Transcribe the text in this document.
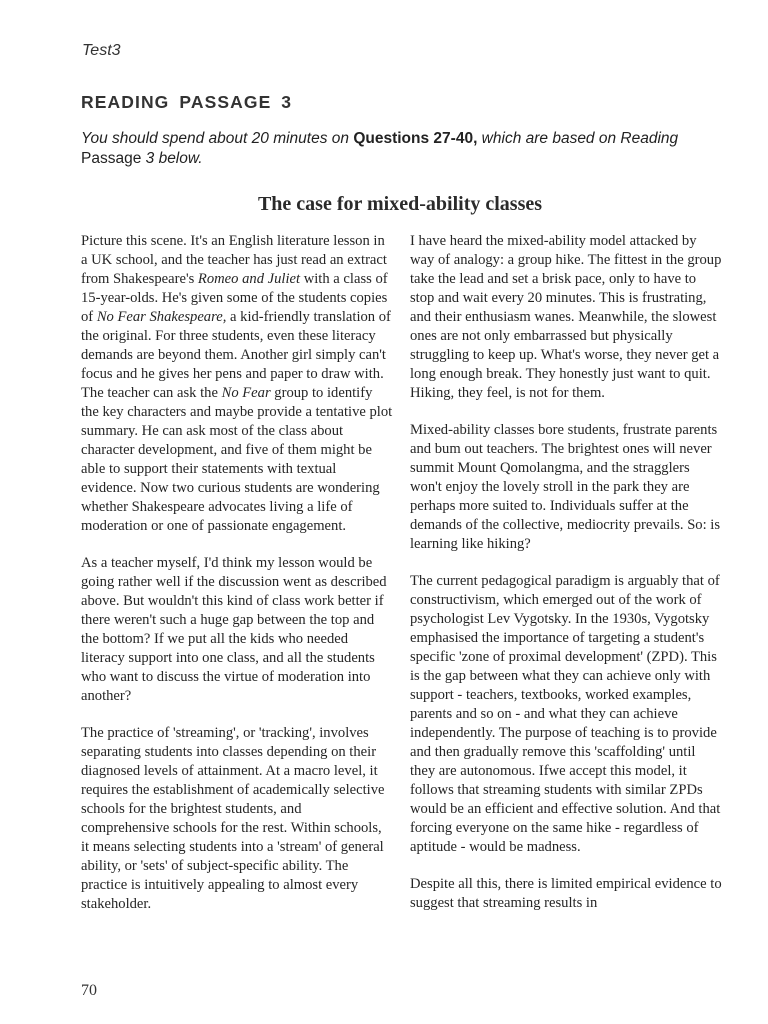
Test3
READING PASSAGE 3
You should spend about 20 minutes on Questions 27-40, which are based on Reading
Passage 3 below.
The case for mixed-ability classes

Picture this scene. It's an English literature lesson in a UK school, and the teacher has just read an extract from Shakespeare's Romeo and Juliet with a class of 15-year-olds. He's given some of the students copies of No Fear Shakespeare, a kid-friendly translation of the original. For three students, even these literacy demands are beyond them. Another girl simply can't focus and he gives her pens and paper to draw with. The teacher can ask the No Fear group to identify the key characters and maybe provide a tentative plot summary. He can ask most of the class about character development, and five of them might be able to support their statements with textual evidence. Now two curious students are wondering whether Shakespeare advocates living a life of moderation or one of passionate engagement.

As a teacher myself, I'd think my lesson would be going rather well if the discussion went as described above. But wouldn't this kind of class work better if there weren't such a huge gap between the top and the bottom? If we put all the kids who needed literacy support into one class, and all the students who want to discuss the virtue of moderation into another?

The practice of 'streaming', or 'tracking', involves separating students into classes depending on their diagnosed levels of attainment. At a macro level, it requires the establishment of academically selective schools for the brightest students, and comprehensive schools for the rest. Within schools, it means selecting students into a 'stream' of general ability, or 'sets' of subject-specific ability. The practice is intuitively appealing to almost every stakeholder.

I have heard the mixed-ability model attacked by way of analogy: a group hike. The fittest in the group take the lead and set a brisk pace, only to have to stop and wait every 20 minutes. This is frustrating, and their enthusiasm wanes. Meanwhile, the slowest ones are not only embarrassed but physically struggling to keep up. What's worse, they never get a long enough break. They honestly just want to quit. Hiking, they feel, is not for them.

Mixed-ability classes bore students, frustrate parents and bum out teachers. The brightest ones will never summit Mount Qomolangma, and the stragglers won't enjoy the lovely stroll in the park they are perhaps more suited to. Individuals suffer at the demands of the collective, mediocrity prevails. So: is learning like hiking?

The current pedagogical paradigm is arguably that of constructivism, which emerged out of the work of psychologist Lev Vygotsky. In the 1930s, Vygotsky emphasised the importance of targeting a student's specific 'zone of proximal development' (ZPD). This is the gap between what they can achieve only with support - teachers, textbooks, worked examples, parents and so on - and what they can achieve independently. The purpose of teaching is to provide and then gradually remove this 'scaffolding' until they are autonomous. Ifwe accept this model, it follows that streaming students with similar ZPDs would be an efficient and effective solution. And that forcing everyone on the same hike - regardless of aptitude - would be madness.

Despite all this, there is limited empirical evidence to suggest that streaming results in

70
